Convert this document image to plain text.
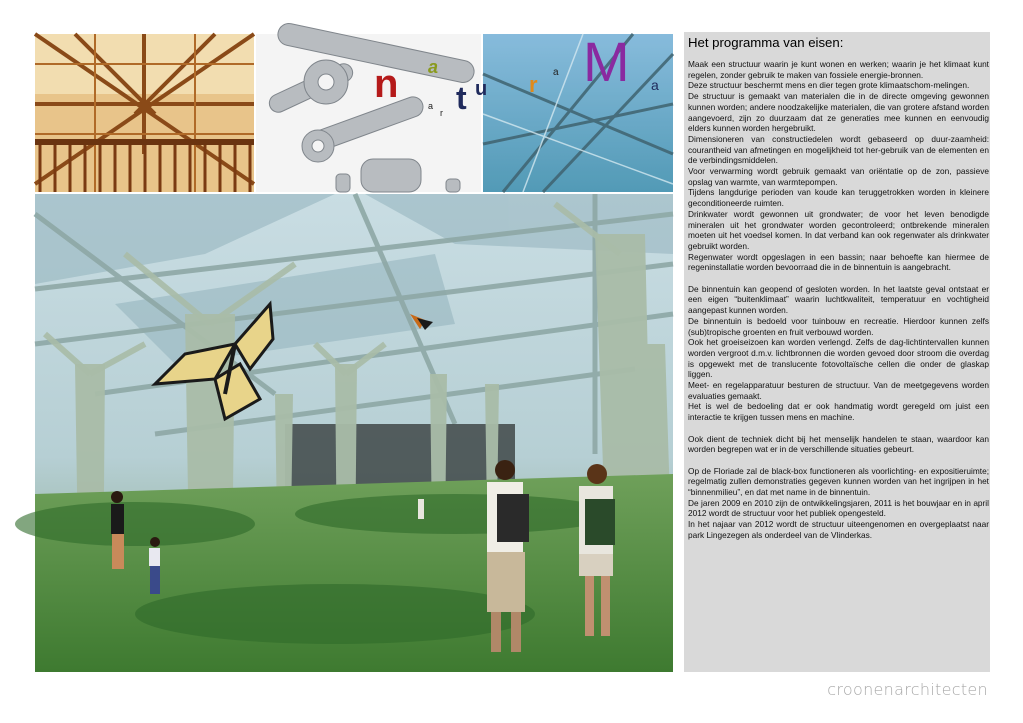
n a
a
r t u r a M a
Het programma van eisen:

Maak een structuur waarin je kunt wonen en werken; waarin je het klimaat kunt regelen, zonder gebruik te maken van fossiele energie-bronnen.

Deze structuur beschermt mens en dier tegen grote klimaatschom-melingen.

De structuur is gemaakt van materialen die in de directe omgeving gewonnen kunnen worden; andere noodzakelijke materialen, die van grotere afstand worden aangevoerd, zijn zo duurzaam dat ze generaties mee kunnen en eenvoudig elders kunnen worden hergebruikt.

Dimensioneren van constructiedelen wordt gebaseerd op duur-zaamheid: courantheid van afmetingen en mogelijkheid tot her-gebruik van de elementen en de verbindingsmiddelen.

Voor verwarming wordt gebruik gemaakt van oriëntatie op de zon, passieve opslag van warmte, van warmtepompen.

Tijdens langdurige perioden van koude kan teruggetrokken worden in kleinere geconditioneerde ruimten.

Drinkwater wordt gewonnen uit grondwater; de voor het leven benodigde mineralen uit het grondwater worden gecontroleerd; ontbrekende mineralen moeten uit het voedsel komen. In dat verband kan ook regenwater als drinkwater gebruikt worden.

Regenwater wordt opgeslagen in een bassin; naar behoefte kan hiermee de regeninstallatie worden bevoorraad die in de binnentuin is aangebracht.

De binnentuin kan geopend of gesloten worden. In het laatste geval ontstaat er een eigen “buitenklimaat” waarin luchtkwaliteit, temperatuur en vochtigheid aangepast kunnen worden.

De binnentuin is bedoeld voor tuinbouw en recreatie. Hierdoor kunnen zelfs (sub)tropische groenten en fruit verbouwd worden.

Ook het groeiseizoen kan worden verlengd. Zelfs de dag-lichtintervallen kunnen worden vergroot d.m.v. lichtbronnen die worden gevoed door stroom die overdag is opgewekt met de translucente fotovoltaïsche cellen die onder de glaskap liggen.

Meet- en regelapparatuur besturen de structuur. Van de meetgegevens worden evaluaties gemaakt.

Het is wel de bedoeling dat er ook handmatig wordt geregeld om juist een interactie te krijgen tussen mens en machine.

Ook dient de techniek dicht bij het menselijk handelen te staan, waardoor kan worden begrepen wat er in de verschillende situaties gebeurt.

Op de Floriade zal de black-box functioneren als voorlichting- en expositieruimte; regelmatig zullen demonstraties gegeven kunnen worden van het ingrijpen in het “binnenmilieu”, en dat met name in de binnentuin.

De jaren 2009 en 2010 zijn de ontwikkelingsjaren, 2011 is het bouwjaar en in april 2012 wordt de structuur voor het publiek opengesteld.

In het najaar van 2012 wordt de structuur uiteengenomen en overgeplaatst naar park Lingezegen als onderdeel van de Vlinderkas.

croonenarchitecten
